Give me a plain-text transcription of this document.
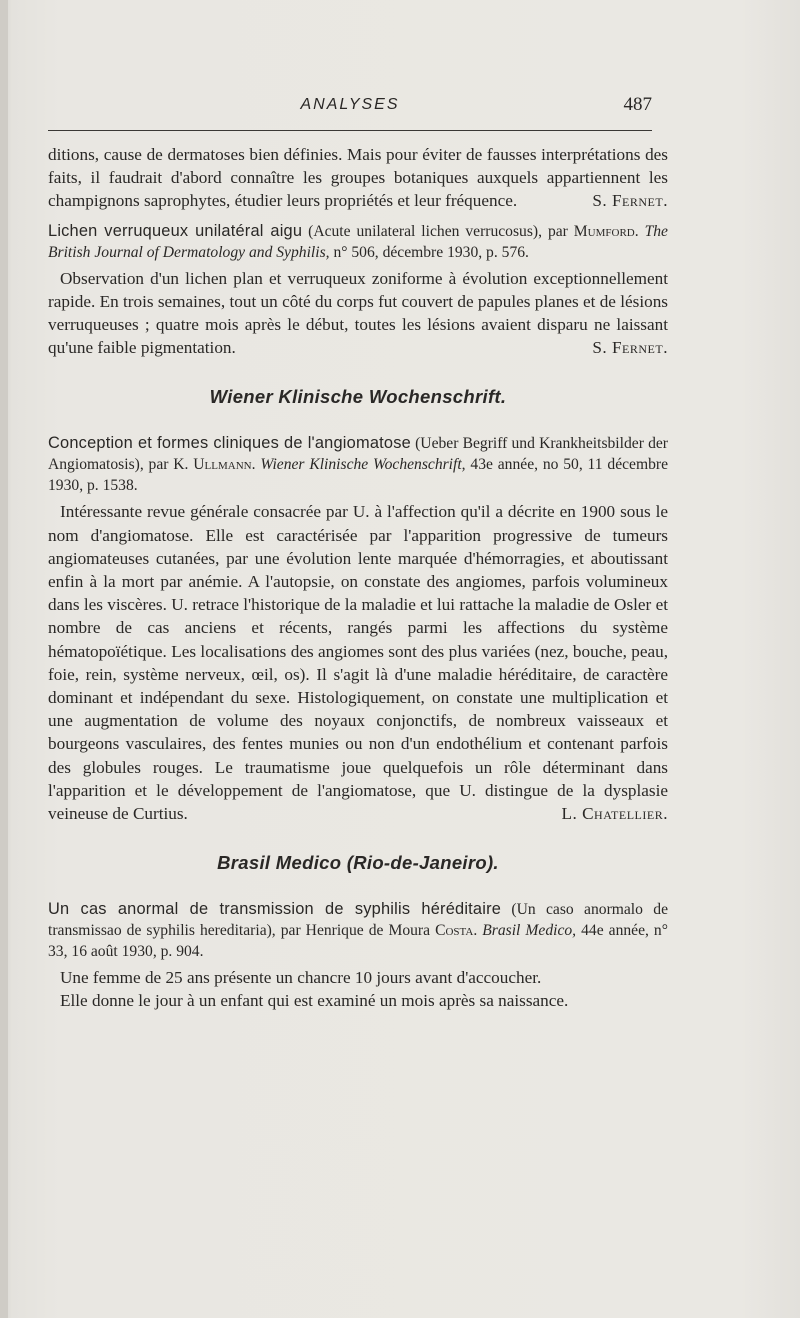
ANALYSES	487

ditions, cause de dermatoses bien définies. Mais pour éviter de fausses interprétations des faits, il faudrait d'abord connaître les groupes botaniques auxquels appartiennent les champignons saprophytes, étudier leurs propriétés et leur fréquence.	S. Fernet.

Lichen verruqueux unilatéral aigu (Acute unilateral lichen verrucosus), par Mumford. The British Journal of Dermatology and Syphilis, n° 506, décembre 1930, p. 576.

Observation d'un lichen plan et verruqueux zoniforme à évolution exceptionnellement rapide. En trois semaines, tout un côté du corps fut couvert de papules planes et de lésions verruqueuses ; quatre mois après le début, toutes les lésions avaient disparu ne laissant qu'une faible pigmentation.	S. Fernet.

Wiener Klinische Wochenschrift.

Conception et formes cliniques de l'angiomatose (Ueber Begriff und Krankheitsbilder der Angiomatosis), par K. Ullmann. Wiener Klinische Wochenschrift, 43e année, no 50, 11 décembre 1930, p. 1538.

Intéressante revue générale consacrée par U. à l'affection qu'il a décrite en 1900 sous le nom d'angiomatose. Elle est caractérisée par l'apparition progressive de tumeurs angiomateuses cutanées, par une évolution lente marquée d'hémorragies, et aboutissant enfin à la mort par anémie. A l'autopsie, on constate des angiomes, parfois volumineux dans les viscères. U. retrace l'historique de la maladie et lui rattache la maladie de Osler et nombre de cas anciens et récents, rangés parmi les affections du système hématopoïétique. Les localisations des angiomes sont des plus variées (nez, bouche, peau, foie, rein, système nerveux, œil, os). Il s'agit là d'une maladie héréditaire, de caractère dominant et indépendant du sexe. Histologiquement, on constate une multiplication et une augmentation de volume des noyaux conjonctifs, de nombreux vaisseaux et bourgeons vasculaires, des fentes munies ou non d'un endothélium et contenant parfois des globules rouges. Le traumatisme joue quelquefois un rôle déterminant dans l'apparition et le développement de l'angiomatose, que U. distingue de la dysplasie veineuse de Curtius.	L. Chatellier.

Brasil Medico (Rio-de-Janeiro).

Un cas anormal de transmission de syphilis héréditaire (Un caso anormalo de transmissao de syphilis hereditaria), par Henrique de Moura Costa. Brasil Medico, 44e année, n° 33, 16 août 1930, p. 904.

Une femme de 25 ans présente un chancre 10 jours avant d'accoucher.

Elle donne le jour à un enfant qui est examiné un mois après sa naissance.
